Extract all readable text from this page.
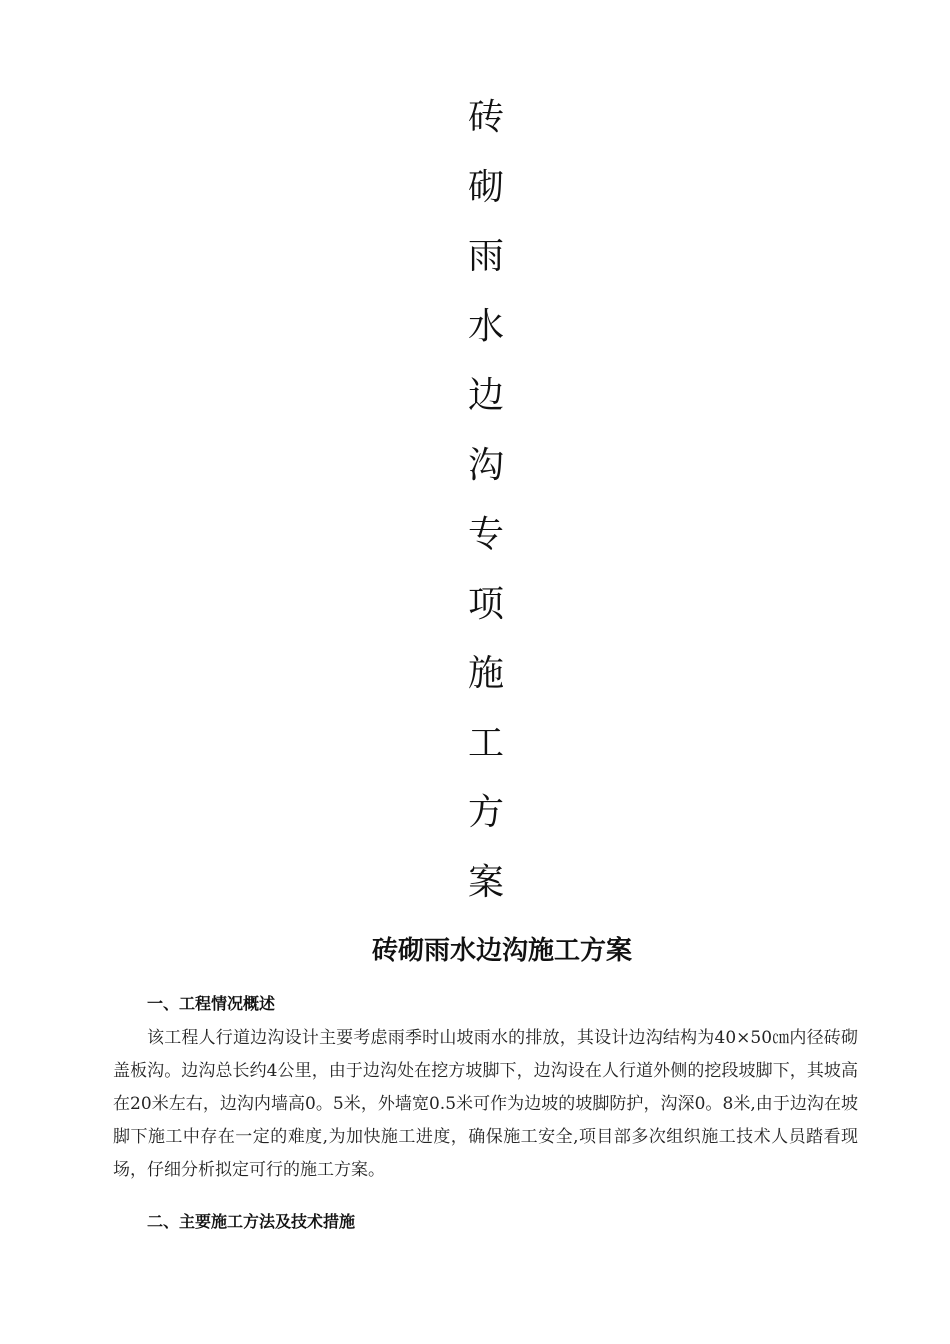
砖
砌
雨
水
边
沟
专
项
施
工
方
案
砖砌雨水边沟施工方案
一、工程情况概述
该工程人行道边沟设计主要考虑雨季时山坡雨水的排放，其设计边沟结构为40×50㎝内径砖砌盖板沟。边沟总长约4公里，由于边沟处在挖方坡脚下，边沟设在人行道外侧的挖段坡脚下，其坡高在20米左右，边沟内墙高0。5米，外墙宽0.5米可作为边坡的坡脚防护，沟深0。8米,由于边沟在坡脚下施工中存在一定的难度,为加快施工进度，确保施工安全,项目部多次组织施工技术人员踏看现场，仔细分析拟定可行的施工方案。
二、主要施工方法及技术措施
